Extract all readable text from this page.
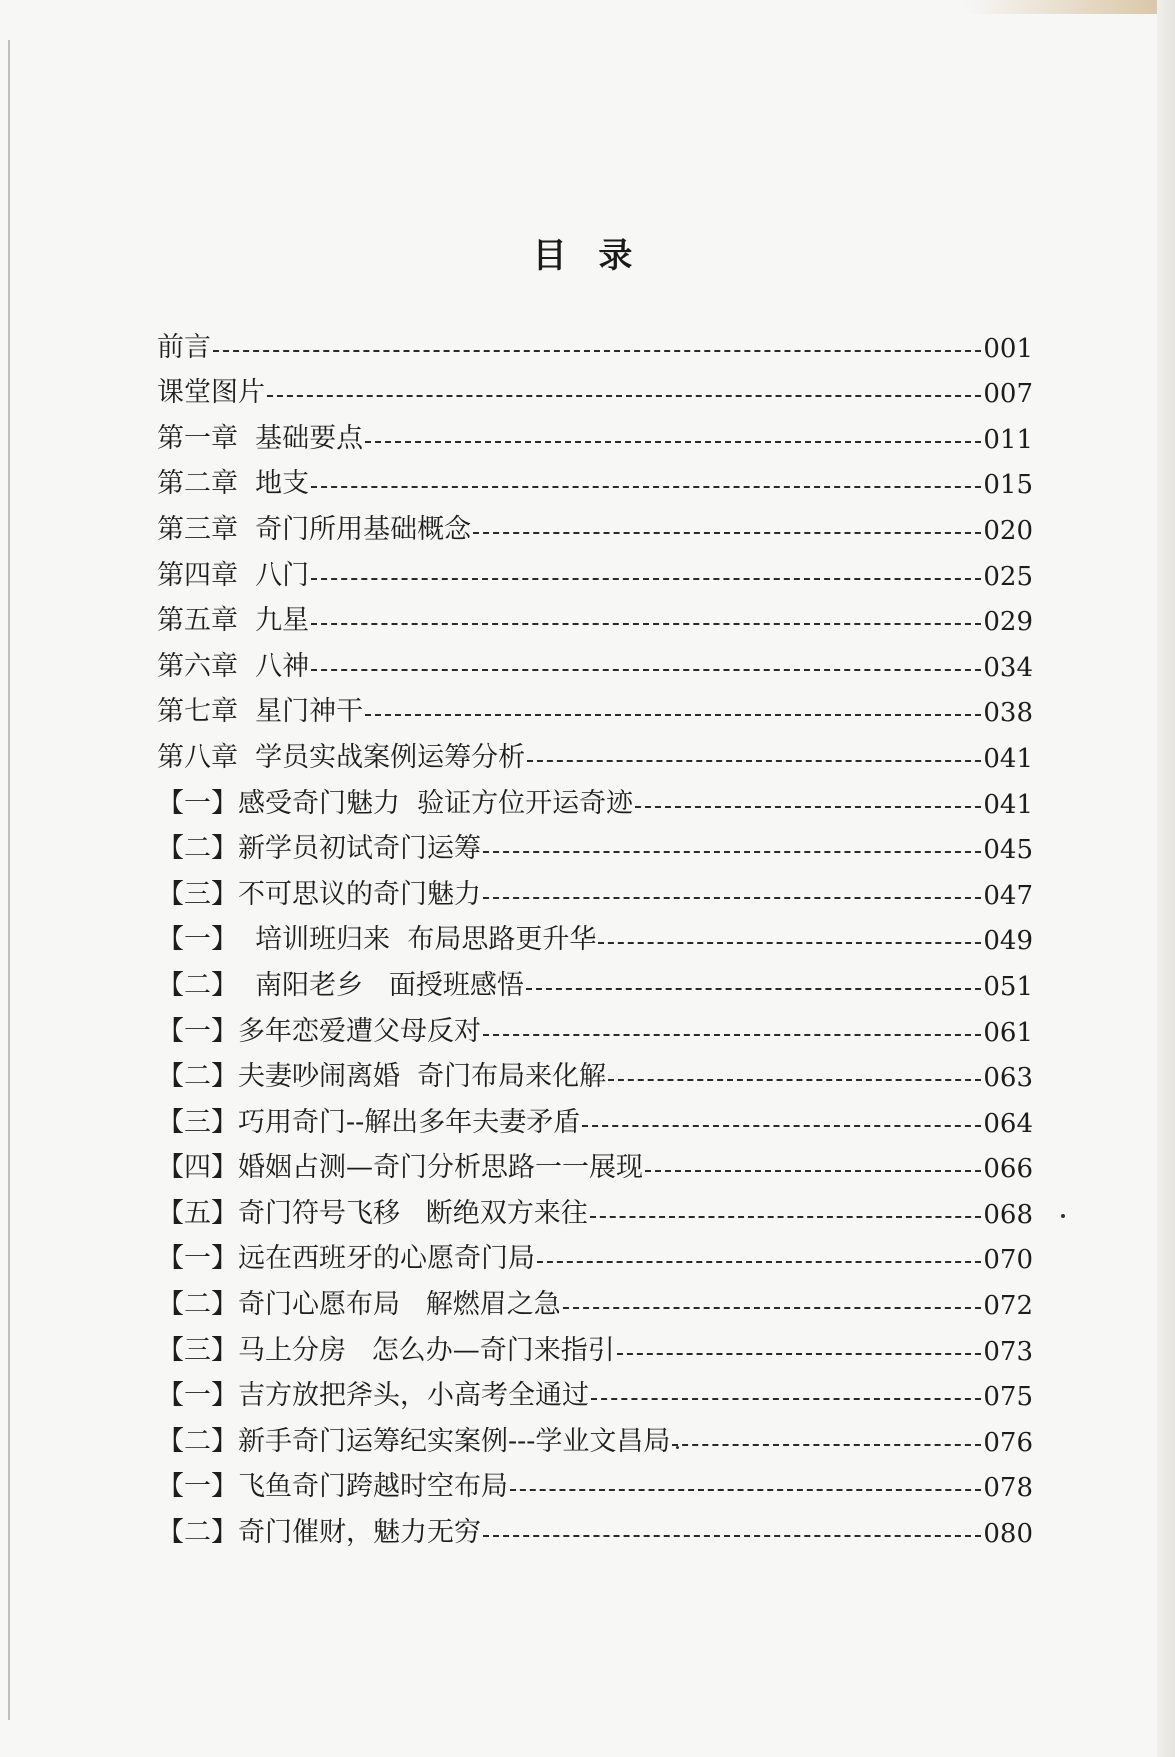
目 录
前言	001
课堂图片	007
第一章  基础要点	011
第二章  地支	015
第三章  奇门所用基础概念	020
第四章  八门	025
第五章  九星	029
第六章  八神	034
第七章  星门神干	038
第八章  学员实战案例运筹分析	041
【一】感受奇门魅力  验证方位开运奇迹	041
【二】新学员初试奇门运筹	045
【三】不可思议的奇门魅力	047
【一】  培训班归来  布局思路更升华	049
【二】  南阳老乡   面授班感悟	051
【一】多年恋爱遭父母反对	061
【二】夫妻吵闹离婚  奇门布局来化解	063
【三】巧用奇门--解出多年夫妻矛盾	064
【四】婚姻占测—奇门分析思路一一展现	066
【五】奇门符号飞移   断绝双方来往	068
【一】远在西班牙的心愿奇门局	070
【二】奇门心愿布局   解燃眉之急	072
【三】马上分房   怎么办—奇门来指引	073
【一】吉方放把斧头，小高考全通过	075
【二】新手奇门运筹纪实案例---学业文昌局	076
【一】飞鱼奇门跨越时空布局	078
【二】奇门催财，魅力无穷	080
